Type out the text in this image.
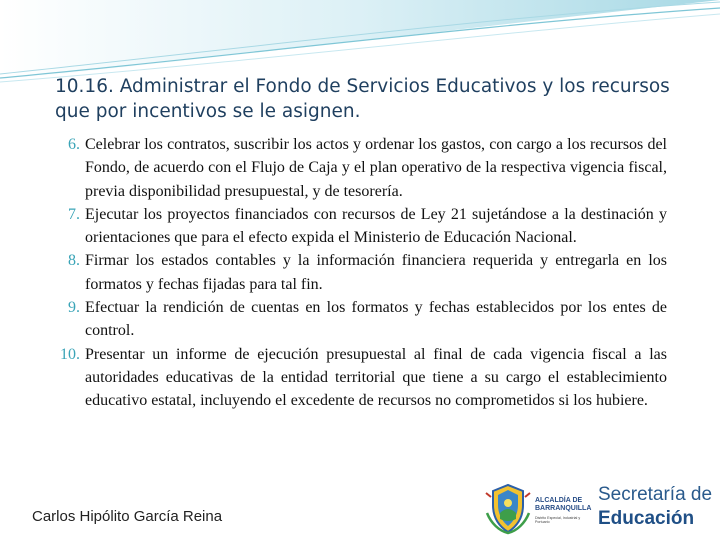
10.16. Administrar el Fondo de Servicios Educativos y los recursos que por incentivos se le asignen.
6. Celebrar los contratos, suscribir los actos y ordenar los gastos, con cargo a los recursos del Fondo, de acuerdo con el Flujo de Caja y el plan operativo de la respectiva vigencia fiscal, previa disponibilidad presupuestal, y de tesorería.
7. Ejecutar los proyectos financiados con recursos de Ley 21 sujetándose a la destinación y orientaciones que para el efecto expida el Ministerio de Educación Nacional.
8. Firmar los estados contables y la información financiera requerida y entregarla en los formatos y fechas fijadas para tal fin.
9. Efectuar la rendición de cuentas en los formatos y fechas establecidos por los entes de control.
10. Presentar un informe de ejecución presupuestal al final de cada vigencia fiscal a las autoridades educativas de la entidad territorial que tiene a su cargo el establecimiento educativo estatal, incluyendo el excedente de recursos no comprometidos si los hubiere.
Carlos Hipólito García Reina
ALCALDÍA DE
BARRANQUILLA
Distrito Especial, Industrial y Portuario
Secretaría de
Educación
